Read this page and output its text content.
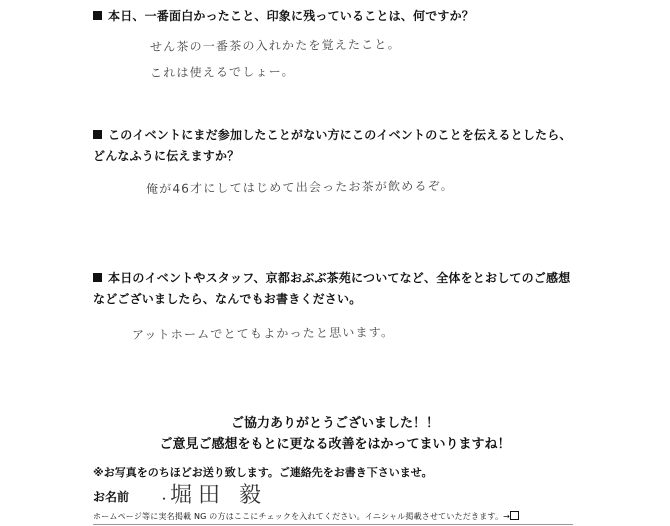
本日、一番面白かったこと、印象に残っていることは、何ですか？
せん茶の一番茶の入れかたを覚えたこと。
これは使えるでしょー。
このイベントにまだ参加したことがない方にこのイベントのことを伝えるとしたら、どんなふうに伝えますか？
俺が46才にしてはじめて出会ったお茶が飲めるぞ。
本日のイベントやスタッフ、京都おぶぶ茶苑についてなど、全体をとおしてのご感想などございましたら、なんでもお書きください。
アットホームでとてもよかったと思います。
ご協力ありがとうございました！！
ご意見ご感想をもとに更なる改善をはかってまいりますね！
※お写真をのちほどお送り致します。ご連絡先をお書き下さいませ。
お名前 ・ 堀田 毅
ホームページ等に実名掲載 NG の方はここにチェックを入れてください。イニシャル掲載させていただきます。→
